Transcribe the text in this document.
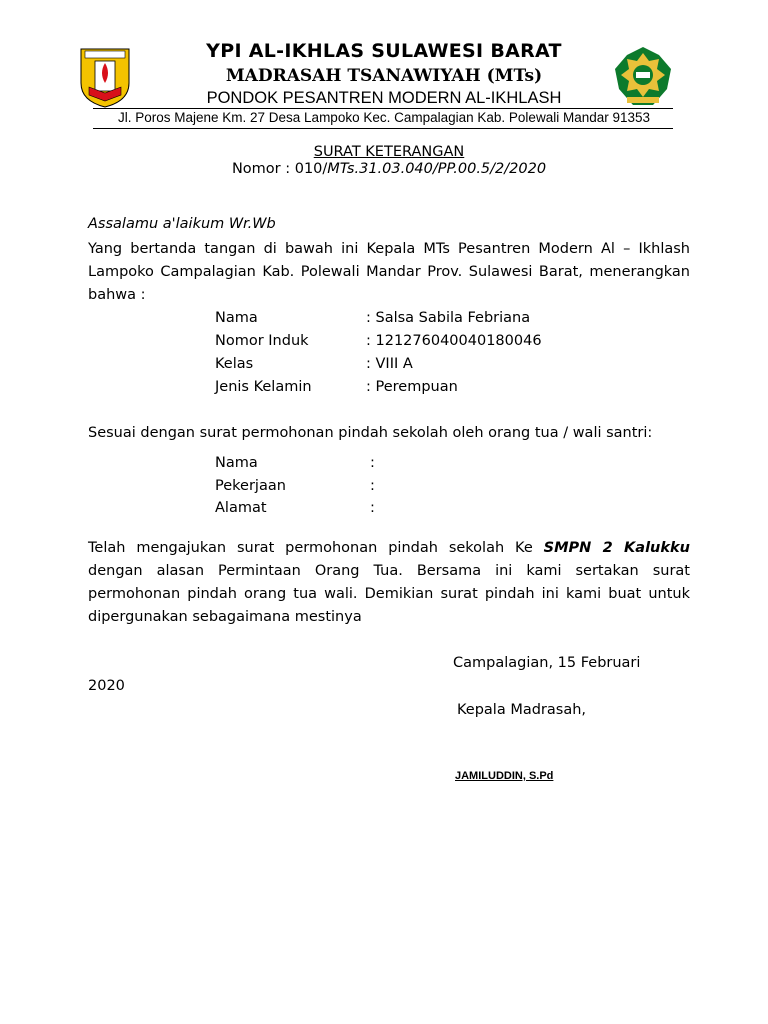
YPI AL-IKHLAS SULAWESI BARAT
MADRASAH TSANAWIYAH (MTs)
PONDOK PESANTREN MODERN AL-IKHLASH
Jl. Poros Majene Km. 27 Desa Lampoko Kec. Campalagian Kab. Polewali Mandar 91353
SURAT KETERANGAN
Nomor : 010/MTs.31.03.040/PP.00.5/2/2020
Assalamu a'laikum Wr.Wb
Yang bertanda tangan di bawah ini Kepala MTs Pesantren Modern Al – Ikhlash Lampoko Campalagian Kab. Polewali Mandar Prov. Sulawesi Barat, menerangkan bahwa :
Nama	: Salsa Sabila Febriana
Nomor Induk	: 121276040040180046
Kelas	: VIII A
Jenis Kelamin	: Perempuan
Sesuai dengan surat permohonan pindah sekolah oleh orang tua / wali santri:
Nama	:
Pekerjaan	:
Alamat	:
Telah mengajukan surat permohonan pindah sekolah Ke SMPN 2 Kalukku dengan alasan Permintaan Orang Tua. Bersama ini kami sertakan surat permohonan pindah orang tua wali. Demikian surat pindah ini kami buat untuk dipergunakan sebagaimana mestinya
Campalagian, 15 Februari
2020
Kepala Madrasah,
JAMILUDDIN, S.Pd
